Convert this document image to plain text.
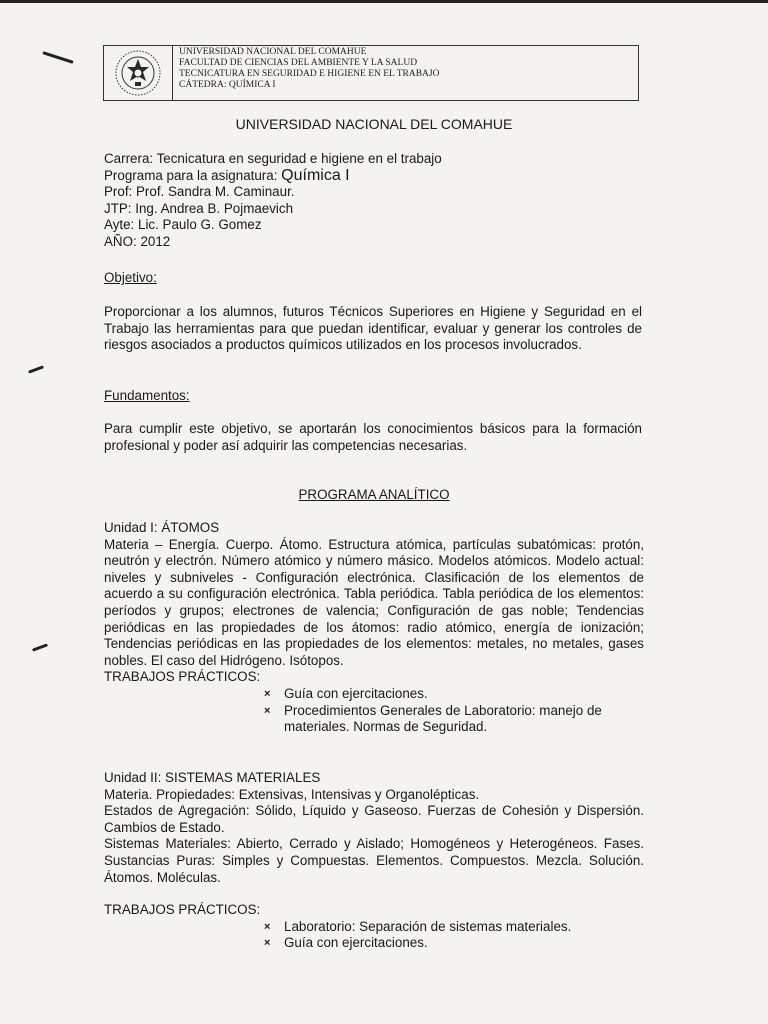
UNIVERSIDAD NACIONAL DEL COMAHUE
FACULTAD DE CIENCIAS DEL AMBIENTE Y LA SALUD
TECNICATURA EN SEGURIDAD E HIGIENE EN EL TRABAJO
CÁTEDRA: QUÍMICA I
UNIVERSIDAD NACIONAL DEL COMAHUE
Carrera: Tecnicatura en seguridad e higiene en el trabajo
Programa para la asignatura: Química I
Prof: Prof. Sandra M. Caminaur.
JTP: Ing. Andrea B. Pojmaevich
Ayte: Lic. Paulo G. Gomez
AÑO: 2012
Objetivo:

Proporcionar a los alumnos, futuros Técnicos Superiores en Higiene y Seguridad en el Trabajo las herramientas para que puedan identificar, evaluar y generar los controles de riesgos asociados a productos químicos utilizados en los procesos involucrados.

Fundamentos:

Para cumplir este objetivo, se aportarán los conocimientos básicos para la formación profesional y poder así adquirir las competencias necesarias.

PROGRAMA ANALÍTICO
Unidad I: ÁTOMOS
Materia – Energía. Cuerpo. Átomo. Estructura atómica, partículas subatómicas: protón, neutrón y electrón. Número atómico y número másico. Modelos atómicos. Modelo actual: niveles y subniveles - Configuración electrónica. Clasificación de los elementos de acuerdo a su configuración electrónica. Tabla periódica. Tabla periódica de los elementos: períodos y grupos; electrones de valencia; Configuración de gas noble; Tendencias periódicas en las propiedades de los átomos: radio atómico, energía de ionización; Tendencias periódicas en las propiedades de los elementos: metales, no metales, gases nobles. El caso del Hidrógeno. Isótopos.
TRABAJOS PRÁCTICOS:
× Guía con ejercitaciones.
× Procedimientos Generales de Laboratorio: manejo de materiales. Normas de Seguridad.
Unidad II: SISTEMAS MATERIALES
Materia. Propiedades: Extensivas, Intensivas y Organolépticas.
Estados de Agregación: Sólido, Líquido y Gaseoso. Fuerzas de Cohesión y Dispersión. Cambios de Estado.
Sistemas Materiales: Abierto, Cerrado y Aislado; Homogéneos y Heterogéneos. Fases. Sustancias Puras: Simples y Compuestas. Elementos. Compuestos. Mezcla. Solución. Átomos. Moléculas.
TRABAJOS PRÁCTICOS:
× Laboratorio: Separación de sistemas materiales.
× Guía con ejercitaciones.
